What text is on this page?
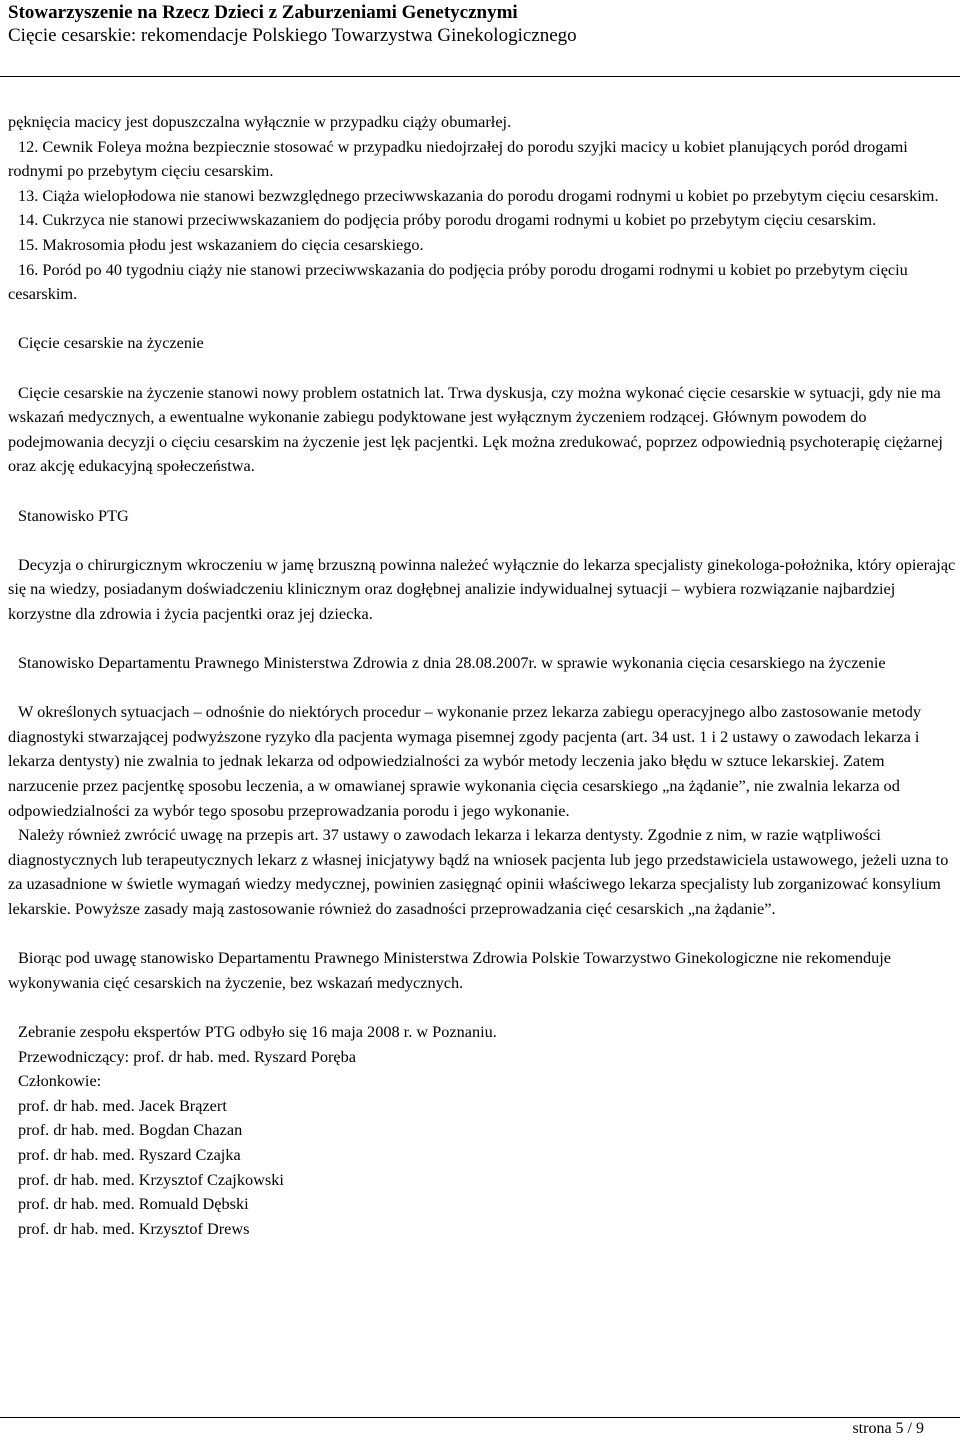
Stowarzyszenie na Rzecz Dzieci z Zaburzeniami Genetycznymi
Cięcie cesarskie: rekomendacje Polskiego Towarzystwa Ginekologicznego

pęknięcia macicy jest dopuszczalna wyłącznie w przypadku ciąży obumarłej.

12. Cewnik Foleya można bezpiecznie stosować w przypadku niedojrzałej do porodu szyjki macicy u kobiet planujących poród drogami rodnymi po przebytym cięciu cesarskim.

13. Ciąża wielopłodowa nie stanowi bezwzględnego przeciwwskazania do porodu drogami rodnymi u kobiet po przebytym cięciu cesarskim.

14. Cukrzyca nie stanowi przeciwwskazaniem do podjęcia próby porodu drogami rodnymi u kobiet po przebytym cięciu cesarskim.

15. Makrosomia płodu jest wskazaniem do cięcia cesarskiego.

16. Poród po 40 tygodniu ciąży nie stanowi przeciwwskazania do podjęcia próby porodu drogami rodnymi u kobiet po przebytym cięciu cesarskim.

Cięcie cesarskie na życzenie

Cięcie cesarskie na życzenie stanowi nowy problem ostatnich lat. Trwa dyskusja, czy można wykonać cięcie cesarskie w sytuacji, gdy nie ma wskazań medycznych, a ewentualne wykonanie zabiegu podyktowane jest wyłącznym życzeniem rodzącej. Głównym powodem do podejmowania decyzji o cięciu cesarskim na życzenie jest lęk pacjentki. Lęk można zredukować, poprzez odpowiednią psychoterapię ciężarnej oraz akcję edukacyjną społeczeństwa.

Stanowisko PTG

Decyzja o chirurgicznym wkroczeniu w jamę brzuszną powinna należeć wyłącznie do lekarza specjalisty ginekologa-położnika, który opierając się na wiedzy, posiadanym doświadczeniu klinicznym oraz dogłębnej analizie indywidualnej sytuacji – wybiera rozwiązanie najbardziej korzystne dla zdrowia i życia pacjentki oraz jej dziecka.

Stanowisko Departamentu Prawnego Ministerstwa Zdrowia z dnia 28.08.2007r. w sprawie wykonania cięcia cesarskiego na życzenie

W określonych sytuacjach – odnośnie do niektórych procedur – wykonanie przez lekarza zabiegu operacyjnego albo zastosowanie metody diagnostyki stwarzającej podwyższone ryzyko dla pacjenta wymaga pisemnej zgody pacjenta (art. 34 ust. 1 i 2 ustawy o zawodach lekarza i lekarza dentysty) nie zwalnia to jednak lekarza od odpowiedzialności za wybór metody leczenia jako błędu w sztuce lekarskiej. Zatem narzucenie przez pacjentkę sposobu leczenia, a w omawianej sprawie wykonania cięcia cesarskiego „na żądanie”, nie zwalnia lekarza od odpowiedzialności za wybór tego sposobu przeprowadzania porodu i jego wykonanie.

Należy również zwrócić uwagę na przepis art. 37 ustawy o zawodach lekarza i lekarza dentysty. Zgodnie z nim, w razie wątpliwości diagnostycznych lub terapeutycznych lekarz z własnej inicjatywy bądź na wniosek pacjenta lub jego przedstawiciela ustawowego, jeżeli uzna to za uzasadnione w świetle wymagań wiedzy medycznej, powinien zasięgnąć opinii właściwego lekarza specjalisty lub zorganizować konsylium lekarskie. Powyższe zasady mają zastosowanie również do zasadności przeprowadzania cięć cesarskich „na żądanie”.

Biorąc pod uwagę stanowisko Departamentu Prawnego Ministerstwa Zdrowia Polskie Towarzystwo Ginekologiczne nie rekomenduje wykonywania cięć cesarskich na życzenie, bez wskazań medycznych.

Zebranie zespołu ekspertów PTG odbyło się 16 maja 2008 r. w Poznaniu.

Przewodniczący: prof. dr hab. med. Ryszard Poręba

Członkowie:

prof. dr hab. med. Jacek Brązert

prof. dr hab. med. Bogdan Chazan

prof. dr hab. med. Ryszard Czajka

prof. dr hab. med. Krzysztof Czajkowski

prof. dr hab. med. Romuald Dębski

prof. dr hab. med. Krzysztof Drews

strona 5 / 9
